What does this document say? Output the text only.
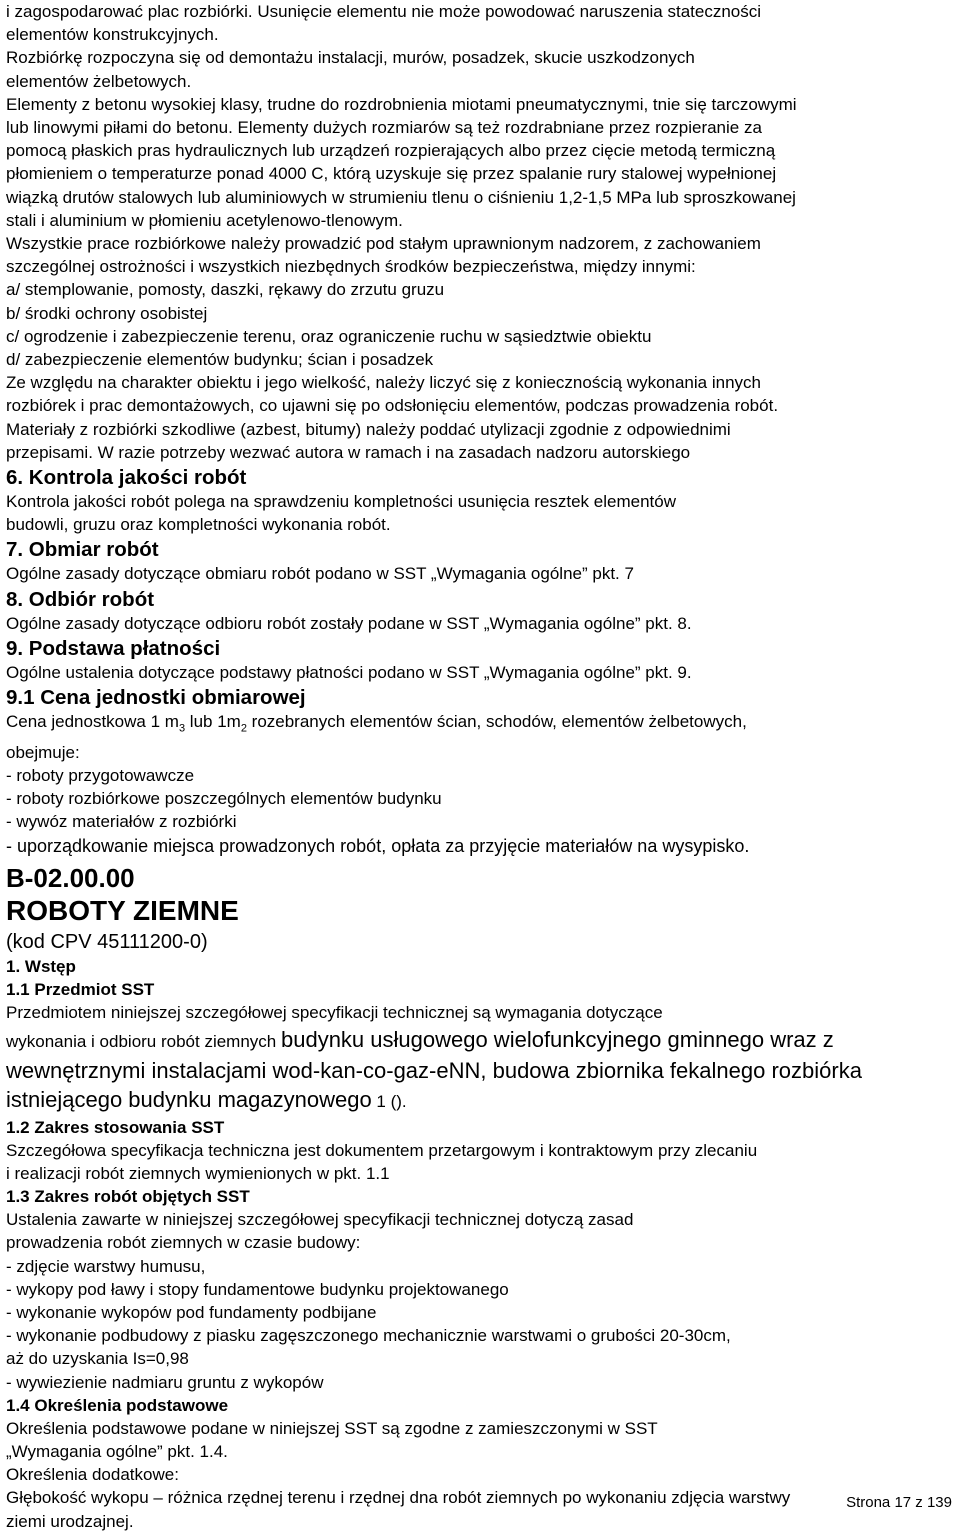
i zagospodarować plac rozbiórki. Usunięcie elementu nie może powodować naruszenia stateczności
elementów konstrukcyjnych.
Rozbiórkę rozpoczyna się od demontażu instalacji, murów, posadzek, skucie uszkodzonych
elementów żelbetowych.
Elementy z betonu wysokiej klasy, trudne do rozdrobnienia miotami pneumatycznymi, tnie się tarczowymi
lub linowymi piłami do betonu. Elementy dużych rozmiarów są też rozdrabniane przez rozpieranie za
pomocą płaskich pras hydraulicznych lub urządzeń rozpierających albo przez cięcie metodą termiczną
płomieniem o temperaturze ponad 4000 C, którą uzyskuje się przez spalanie rury stalowej wypełnionej
wiązką drutów stalowych lub aluminiowych w strumieniu tlenu o ciśnieniu 1,2-1,5 MPa lub sproszkowanej
stali i aluminium w płomieniu acetylenowo-tlenowym.
Wszystkie prace rozbiórkowe należy prowadzić pod stałym uprawnionym nadzorem, z zachowaniem
szczególnej ostrożności i wszystkich niezbędnych środków bezpieczeństwa, między innymi:
a/ stemplowanie, pomosty, daszki, rękawy do zrzutu gruzu
b/ środki ochrony osobistej
c/ ogrodzenie i zabezpieczenie terenu, oraz ograniczenie ruchu w sąsiedztwie obiektu
d/ zabezpieczenie elementów budynku; ścian i posadzek
Ze względu na charakter obiektu i jego wielkość, należy liczyć się z koniecznością wykonania innych
rozbiórek i prac demontażowych, co ujawni się po odsłonięciu elementów, podczas prowadzenia robót.
Materiały z rozbiórki szkodliwe (azbest, bitumy) należy poddać utylizacji zgodnie z odpowiednimi
przepisami. W razie potrzeby wezwać autora w ramach i na zasadach nadzoru autorskiego
6. Kontrola jakości robót
Kontrola jakości robót polega na sprawdzeniu kompletności usunięcia resztek elementów
budowli, gruzu oraz kompletności wykonania robót.
7. Obmiar robót
Ogólne zasady dotyczące obmiaru robót podano w SST „Wymagania ogólne” pkt. 7
8. Odbiór robót
Ogólne zasady dotyczące odbioru robót zostały podane w SST „Wymagania ogólne” pkt. 8.
9. Podstawa płatności
Ogólne ustalenia dotyczące podstawy płatności podano w SST „Wymagania ogólne” pkt. 9.
9.1 Cena jednostki obmiarowej
Cena jednostkowa 1 $m_3$ lub $1m_2$ rozebranych elementów ścian, schodów, elementów żelbetowych,
obejmuje:
- roboty przygotowawcze
- roboty rozbiórkowe poszczególnych elementów budynku
- wywóz materiałów z rozbiórki
- uporządkowanie miejsca prowadzonych robót, opłata za przyjęcie materiałów na wysypisko.
B-02.00.00
ROBOTY ZIEMNE
(kod CPV 45111200-0)
1. Wstęp
1.1 Przedmiot SST
Przedmiotem niniejszej szczegółowej specyfikacji technicznej są wymagania dotyczące
wykonania i odbioru robót ziemnych budynku usługowego wielofunkcyjnego gminnego wraz z
wewnętrznymi instalacjami wod-kan-co-gaz-eNN, budowa zbiornika fekalnego rozbiórka
istniejącego budynku magazynowego 1 ().
1.2 Zakres stosowania SST
Szczegółowa specyfikacja techniczna jest dokumentem przetargowym i kontraktowym przy zlecaniu
i realizacji robót ziemnych wymienionych w pkt. 1.1
1.3 Zakres robót objętych SST
Ustalenia zawarte w niniejszej szczegółowej specyfikacji technicznej dotyczą zasad
prowadzenia robót ziemnych w czasie budowy:
- zdjęcie warstwy humusu,
- wykopy pod ławy i stopy fundamentowe budynku projektowanego
- wykonanie wykopów pod fundamenty podbijane
- wykonanie podbudowy z piasku zagęszczonego mechanicznie warstwami o grubości 20-30cm,
aż do uzyskania Is=0,98
- wywiezienie nadmiaru gruntu z wykopów
1.4 Określenia podstawowe
Określenia podstawowe podane w niniejszej SST są zgodne z zamieszczonymi w SST
„Wymagania ogólne” pkt. 1.4.
Określenia dodatkowe:
Głębokość wykopu – różnica rzędnej terenu i rzędnej dna robót ziemnych po wykonaniu zdjęcia warstwy
ziemi urodzajnej.
Strona 17 z 139
